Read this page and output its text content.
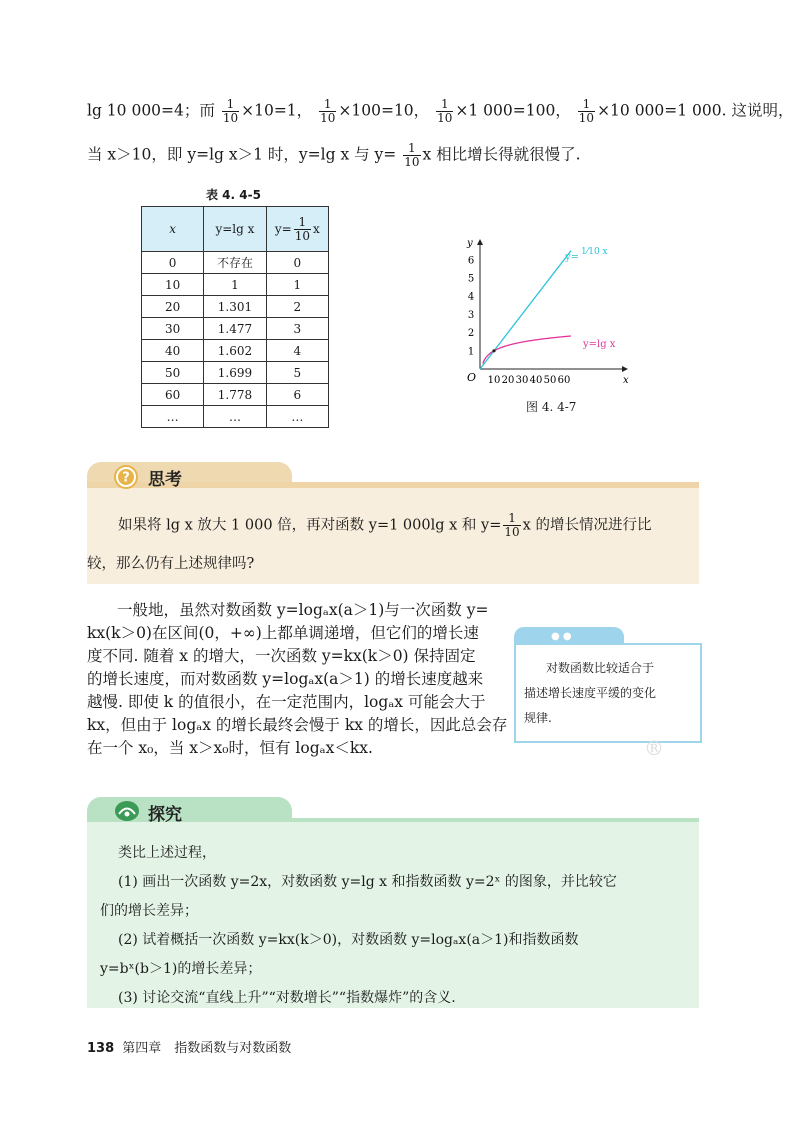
lg 10 000=4；而 $\frac{1}{10} \times 10=1$， $\frac{1}{10} \times 100=10$， $\frac{1}{10} \times 1$ 000=100， $\frac{1}{10} \times 10$ 000=1 000. 这说明，
当 x＞10，即 y=lg x＞1 时，y=lg x 与 $y= \frac{1}{10}$ x 相比增长得就很慢了.
表 4. 4-5
x	y=lg x	$y= \frac{1}{10}$ x
0	不存在	0
10	1	1
20	1.301	2
30	1.477	3
40	1.602	4
50	1.699	5
60	1.778	6
…	…	…
y
x
O 10 20 30 40 50 60
1
2
3
4
5
6	y= 1⁄10 x
y=lg x
图 4. 4-7
? 思考
如果将 lg x 放大 1 000 倍，再对函数 y=1 000lg x 和 $y= \frac{1}{10}$ x 的增长情况进行比
较，那么仍有上述规律吗?
一般地，虽然对数函数 y=logₐx(a＞1)与一次函数 y=
kx(k＞0)在区间(0，+∞)上都单调递增，但它们的增长速
度不同. 随着 x 的增大，一次函数 y=kx(k＞0) 保持固定
的增长速度，而对数函数 y=logₐx(a＞1) 的增长速度越来
越慢. 即使 k 的值很小，在一定范围内，logₐx 可能会大于
kx，但由于 logₐx 的增长最终会慢于 kx 的增长，因此总会存
在一个 x₀，当 x＞x₀时，恒有 logₐx＜kx.
● ●
对数函数比较适合于
描述增长速度平缓的变化
规律.
®
探究
类比上述过程，
(1) 画出一次函数 y=2x，对数函数 y=lg x 和指数函数 y=2ˣ 的图象，并比较它
们的增长差异；
(2) 试着概括一次函数 y=kx(k＞0)，对数函数 y=logₐx(a＞1)和指数函数
y=bˣ(b＞1)的增长差异；
(3) 讨论交流“直线上升”“对数增长”“指数爆炸”的含义.
138 第四章　指数函数与对数函数
